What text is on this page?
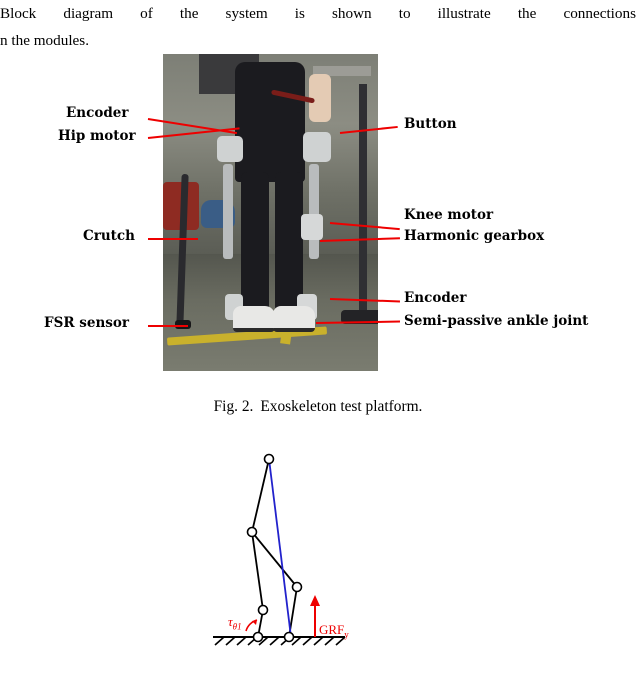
Block diagram of the system is shown to illustrate the connections
n the modules.
Encoder
Hip motor
Crutch
FSR sensor
Button
Knee motor
Harmonic gearbox
Encoder
Semi-passive ankle joint
Fig. 2. Exoskeleton test platform.
$\tau_{\theta 1}$	$GRF_y$
